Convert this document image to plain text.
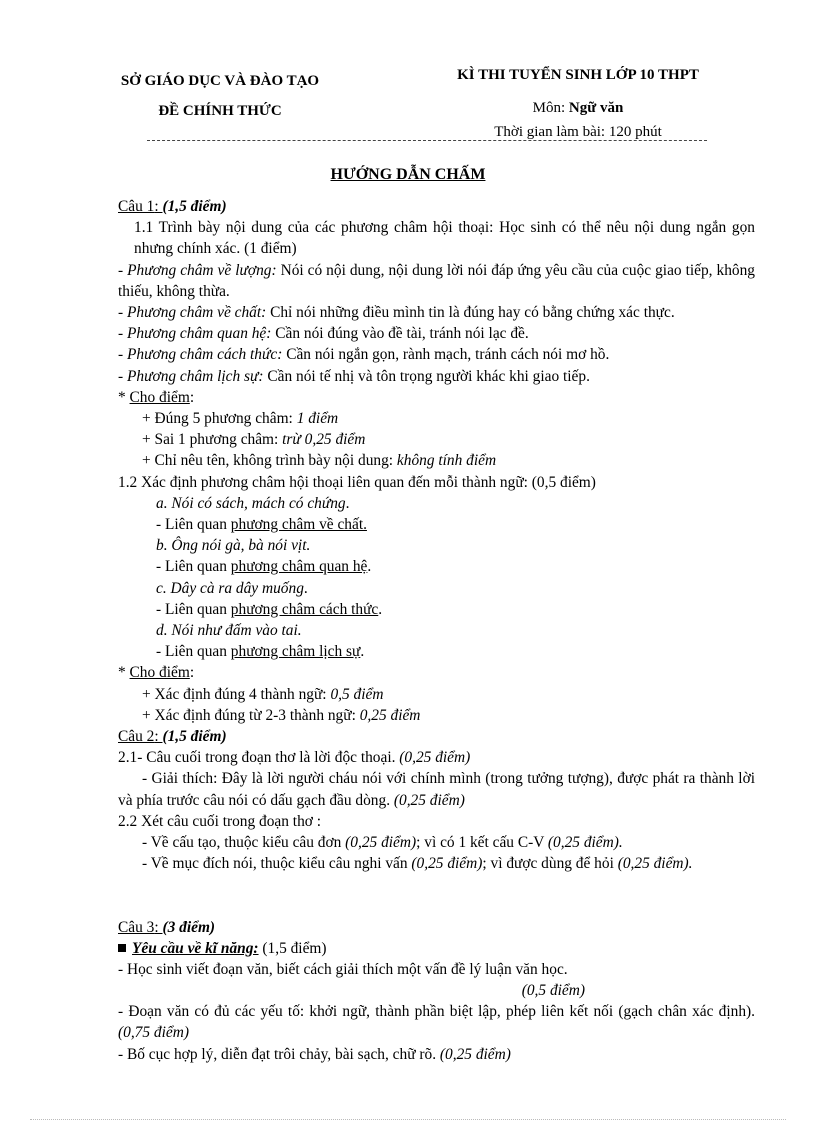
SỞ GIÁO DỤC VÀ ĐÀO TẠO
ĐỀ CHÍNH THỨC
KÌ THI TUYỂN SINH LỚP 10 THPT
Môn: Ngữ văn
Thời gian làm bài: 120 phút
HƯỚNG DẪN CHẤM
Câu 1: (1,5 điểm)
1.1 Trình bày nội dung của các phương châm hội thoại: Học sinh có thể nêu nội dung ngắn gọn nhưng chính xác. (1 điểm)
- Phương châm về lượng: Nói có nội dung, nội dung lời nói đáp ứng yêu cầu của cuộc giao tiếp, không thiếu, không thừa.
- Phương châm về chất: Chỉ nói những điều mình tin là đúng hay có bằng chứng xác thực.
- Phương châm quan hệ: Cần nói đúng vào đề tài, tránh nói lạc đề.
- Phương châm cách thức: Cần nói ngắn gọn, rành mạch, tránh cách nói mơ hồ.
- Phương châm lịch sự: Cần nói tế nhị và tôn trọng người khác khi giao tiếp.
* Cho điểm:
+ Đúng 5 phương châm: 1 điểm
+ Sai 1 phương châm: trừ 0,25 điểm
+ Chỉ nêu tên, không trình bày nội dung: không tính điểm
1.2 Xác định phương châm hội thoại liên quan đến mỗi thành ngữ: (0,5 điểm)
a. Nói có sách, mách có chứng.
- Liên quan phương châm về chất.
b. Ông nói gà, bà nói vịt.
- Liên quan phương châm quan hệ.
c. Dây cà ra dây muống.
- Liên quan phương châm cách thức.
d. Nói như đấm vào tai.
- Liên quan phương châm lịch sự.
* Cho điểm:
+ Xác định đúng 4 thành ngữ: 0,5 điểm
+ Xác định đúng từ 2-3 thành ngữ: 0,25 điểm
Câu 2: (1,5 điểm)
2.1- Câu cuối trong đoạn thơ là lời độc thoại. (0,25 điểm)
- Giải thích: Đây là lời người cháu nói với chính mình (trong tưởng tượng), được phát ra thành lời và phía trước câu nói có dấu gạch đầu dòng. (0,25 điểm)
2.2 Xét câu cuối trong đoạn thơ :
- Về cấu tạo, thuộc kiểu câu đơn (0,25 điểm); vì có 1 kết cấu C-V (0,25 điểm).
- Về mục đích nói, thuộc kiểu câu nghi vấn (0,25 điểm); vì được dùng để hỏi (0,25 điểm).
Câu 3: (3 điểm)
Yêu cầu về kĩ năng: (1,5 điểm)
- Học sinh viết đoạn văn, biết cách giải thích một vấn đề lý luận văn học.
(0,5 điểm)
- Đoạn văn có đủ các yếu tố: khởi ngữ, thành phần biệt lập, phép liên kết nối (gạch chân xác định). (0,75 điểm)
- Bố cục hợp lý, diễn đạt trôi chảy, bài sạch, chữ rõ. (0,25 điểm)
